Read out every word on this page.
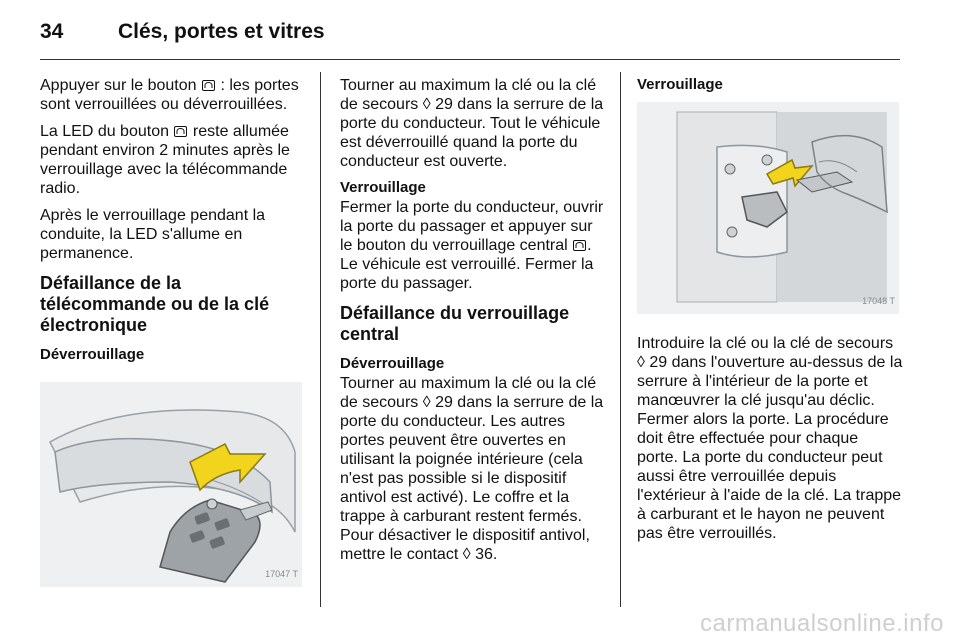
34	Clés, portes et vitres

Appuyer sur le bouton  : les portes sont verrouillées ou déverrouillées.

La LED du bouton  reste allumée pendant environ 2 minutes après le verrouillage avec la télécommande radio.

Après le verrouillage pendant la conduite, la LED s'allume en permanence.

Défaillance de la télécommande ou de la clé électronique
Déverrouillage
17047 T

Tourner au maximum la clé ou la clé de secours ◊ 29 dans la serrure de la porte du conducteur. Tout le véhicule est déverrouillé quand la porte du conducteur est ouverte.

Verrouillage

Fermer la porte du conducteur, ouvrir la porte du passager et appuyer sur le bouton du verrouillage central . Le véhicule est verrouillé. Fermer la porte du passager.

Défaillance du verrouillage central
Déverrouillage

Tourner au maximum la clé ou la clé de secours ◊ 29 dans la serrure de la porte du conducteur. Les autres portes peuvent être ouvertes en utilisant la poignée intérieure (cela n'est pas possible si le dispositif antivol est activé). Le coffre et la trappe à carburant restent fermés. Pour désactiver le dispositif antivol, mettre le contact ◊ 36.

Verrouillage
17048 T

Introduire la clé ou la clé de secours ◊ 29 dans l'ouverture au-dessus de la serrure à l'intérieur de la porte et manœuvrer la clé jusqu'au déclic. Fermer alors la porte. La procédure doit être effectuée pour chaque porte. La porte du conducteur peut aussi être verrouillée depuis l'extérieur à l'aide de la clé. La trappe à carburant et le hayon ne peuvent pas être verrouillés.

carmanualsonline.info
